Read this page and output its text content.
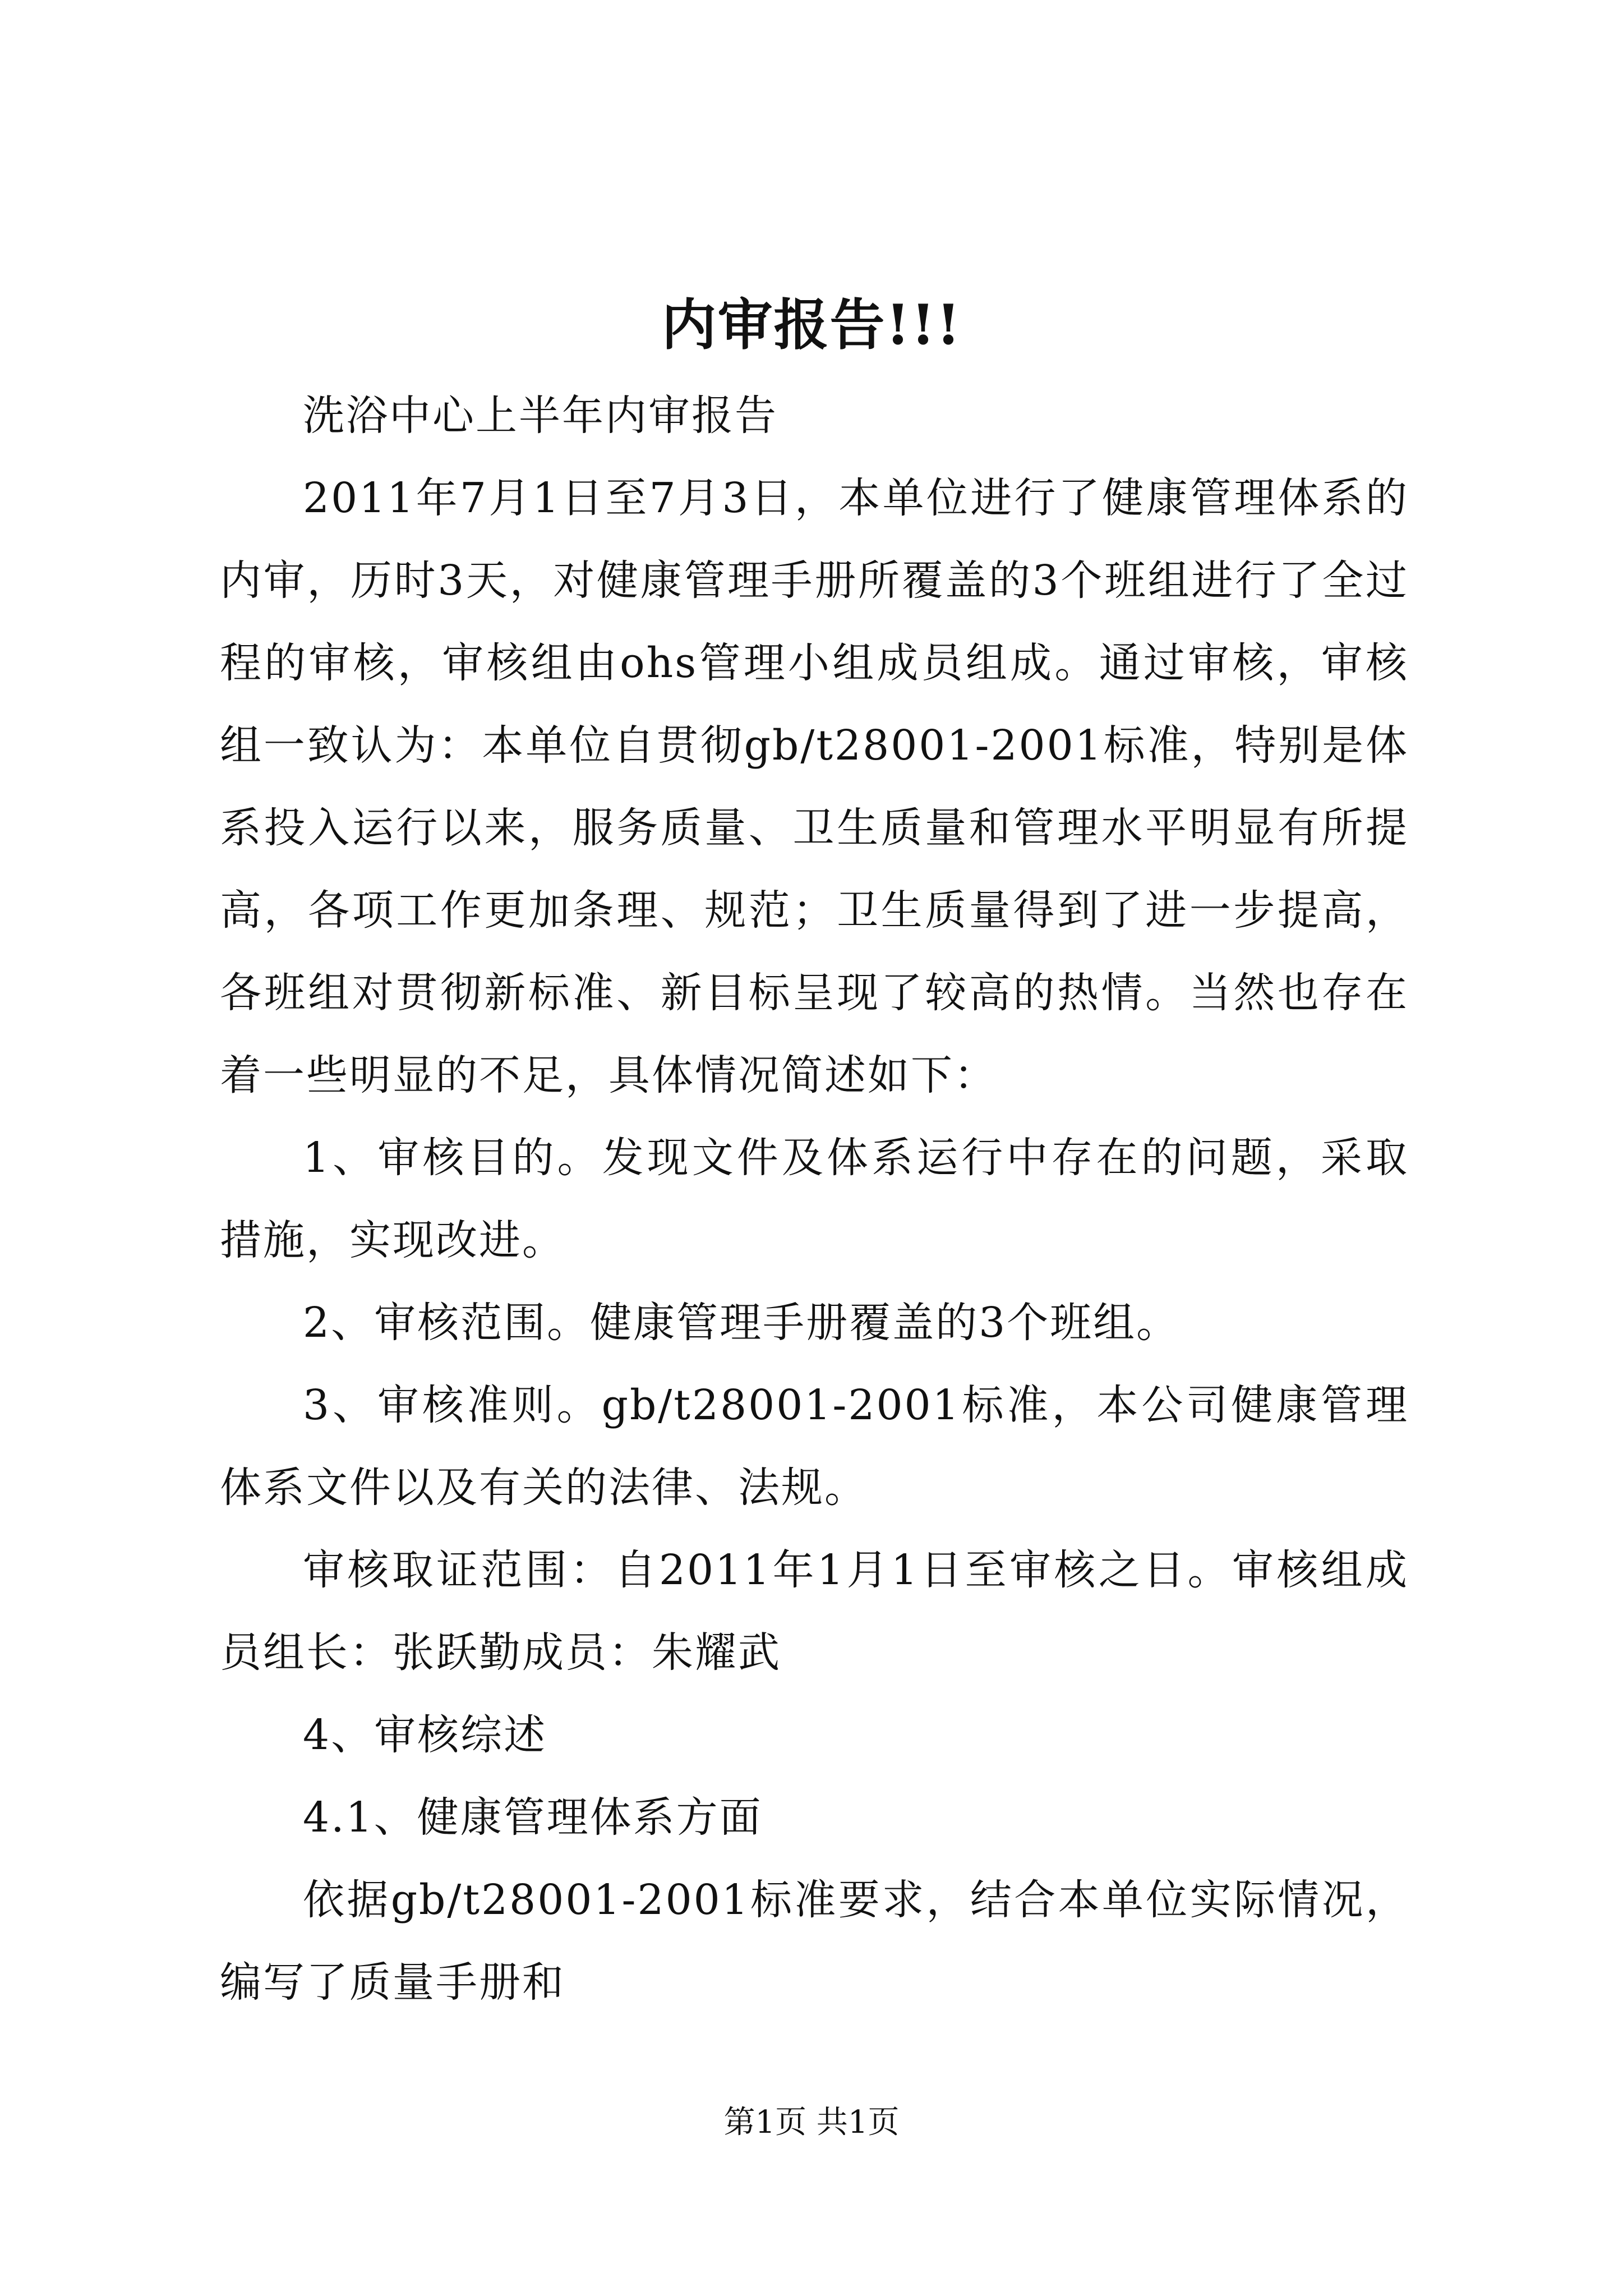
内审报告!!!

洗浴中心上半年内审报告

2011年7月1日至7月3日，本单位进行了健康管理体系的内审，历时3天，对健康管理手册所覆盖的3个班组进行了全过程的审核，审核组由ohs管理小组成员组成。通过审核，审核组一致认为：本单位自贯彻gb/t28001-2001标准，特别是体系投入运行以来，服务质量、卫生质量和管理水平明显有所提高，各项工作更加条理、规范；卫生质量得到了进一步提高，各班组对贯彻新标准、新目标呈现了较高的热情。当然也存在着一些明显的不足，具体情况简述如下：

1、审核目的。发现文件及体系运行中存在的问题，采取措施，实现改进。

2、审核范围。健康管理手册覆盖的3个班组。

3、审核准则。gb/t28001-2001标准，本公司健康管理体系文件以及有关的法律、法规。

审核取证范围：自2011年1月1日至审核之日。审核组成员组长：张跃勤成员：朱耀武

4、审核综述

4.1、健康管理体系方面

依据gb/t28001-2001标准要求，结合本单位实际情况，编写了质量手册和

第1页 共1页
